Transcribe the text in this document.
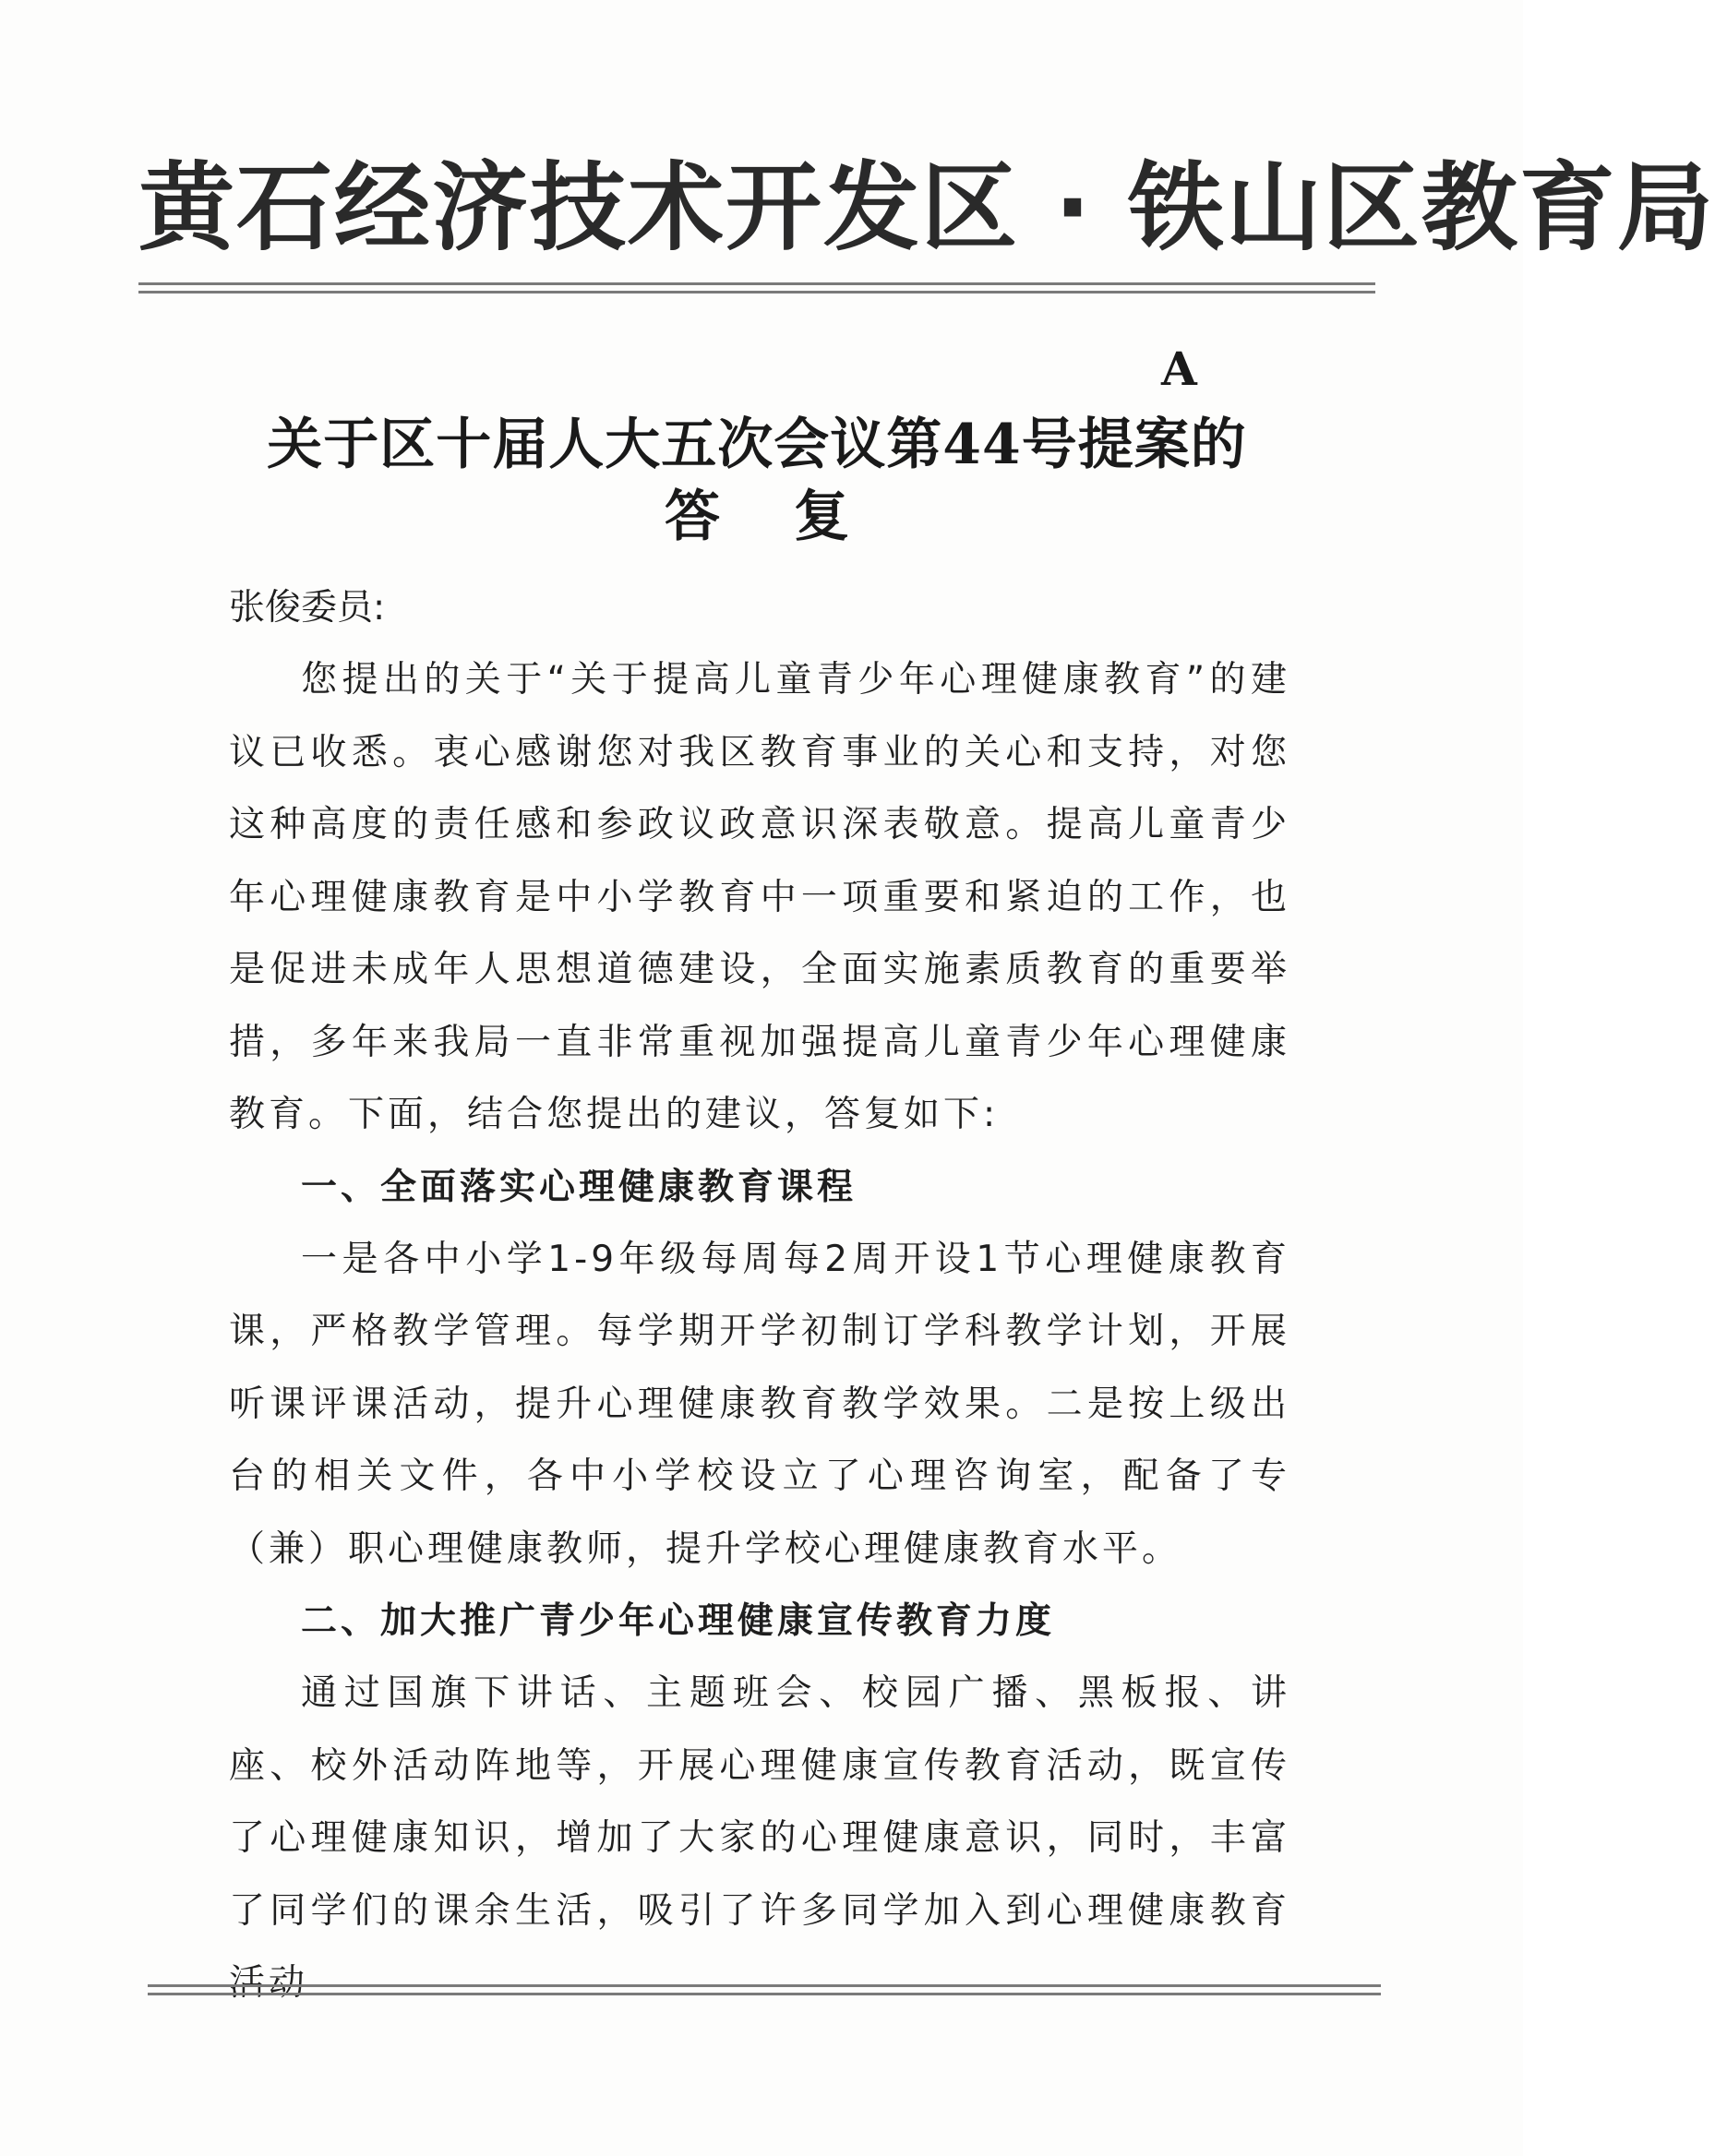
黄石经济技术开发区 · 铁山区教育局
A
关于区十届人大五次会议第44号提案的
答复

张俊委员:

您提出的关于“关于提高儿童青少年心理健康教育”的建议已收悉。衷心感谢您对我区教育事业的关心和支持，对您这种高度的责任感和参政议政意识深表敬意。提高儿童青少年心理健康教育是中小学教育中一项重要和紧迫的工作，也是促进未成年人思想道德建设，全面实施素质教育的重要举措，多年来我局一直非常重视加强提高儿童青少年心理健康教育。下面，结合您提出的建议，答复如下:

一、全面落实心理健康教育课程

一是各中小学1-9年级每周每2周开设1节心理健康教育课，严格教学管理。每学期开学初制订学科教学计划，开展听课评课活动，提升心理健康教育教学效果。二是按上级出台的相关文件，各中小学校设立了心理咨询室，配备了专（兼）职心理健康教师，提升学校心理健康教育水平。

二、加大推广青少年心理健康宣传教育力度

通过国旗下讲话、主题班会、校园广播、黑板报、讲座、校外活动阵地等，开展心理健康宣传教育活动，既宣传了心理健康知识，增加了大家的心理健康意识，同时，丰富了同学们的课余生活，吸引了许多同学加入到心理健康教育活动
